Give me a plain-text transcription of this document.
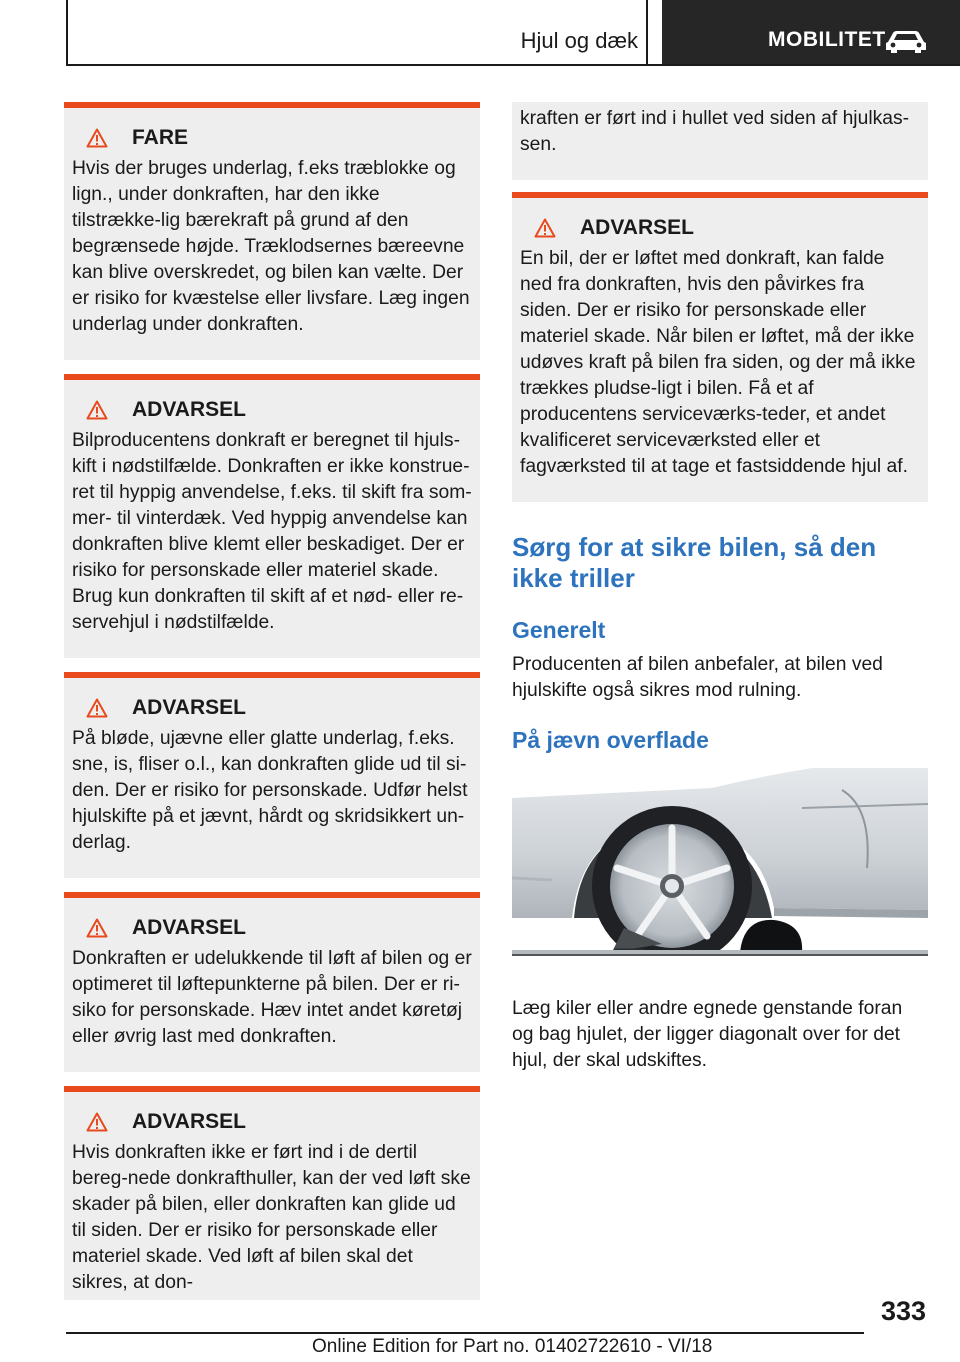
Hjul og dæk	MOBILITET
FARE

Hvis der bruges underlag, f.eks træblokke og lign., under donkraften, har den ikke tilstrække-lig bærekraft på grund af den begrænsede højde. Træklodsernes bæreevne kan blive overskredet, og bilen kan vælte. Der er risiko for kvæstelse eller livsfare. Læg ingen underlag under donkraften.

ADVARSEL

Bilproducentens donkraft er beregnet til hjuls-kift i nødstilfælde. Donkraften er ikke konstrue-ret til hyppig anvendelse, f.eks. til skift fra som-mer- til vinterdæk. Ved hyppig anvendelse kan donkraften blive klemt eller beskadiget. Der er risiko for personskade eller materiel skade. Brug kun donkraften til skift af et nød- eller re-servehjul i nødstilfælde.

ADVARSEL

På bløde, ujævne eller glatte underlag, f.eks. sne, is, fliser o.l., kan donkraften glide ud til si-den. Der er risiko for personskade. Udfør helst hjulskifte på et jævnt, hårdt og skridsikkert un-derlag.

ADVARSEL

Donkraften er udelukkende til løft af bilen og er optimeret til løftepunkterne på bilen. Der er ri-siko for personskade. Hæv intet andet køretøj eller øvrig last med donkraften.

ADVARSEL

Hvis donkraften ikke er ført ind i de dertil bereg-nede donkrafthuller, kan der ved løft ske skader på bilen, eller donkraften kan glide ud til siden. Der er risiko for personskade eller materiel skade. Ved løft af bilen skal det sikres, at don-

kraften er ført ind i hullet ved siden af hjulkas-sen.

ADVARSEL

En bil, der er løftet med donkraft, kan falde ned fra donkraften, hvis den påvirkes fra siden. Der er risiko for personskade eller materiel skade. Når bilen er løftet, må der ikke udøves kraft på bilen fra siden, og der må ikke trækkes pludse-ligt i bilen. Få et af producentens serviceværks-teder, et andet kvalificeret serviceværksted eller et fagværksted til at tage et fastsiddende hjul af.

Sørg for at sikre bilen, så den ikke triller
Generelt

Producenten af bilen anbefaler, at bilen ved hjulskifte også sikres mod rulning.

På jævn overflade

Læg kiler eller andre egnede genstande foran og bag hjulet, der ligger diagonalt over for det hjul, der skal udskiftes.

333
Online Edition for Part no. 01402722610 - VI/18
